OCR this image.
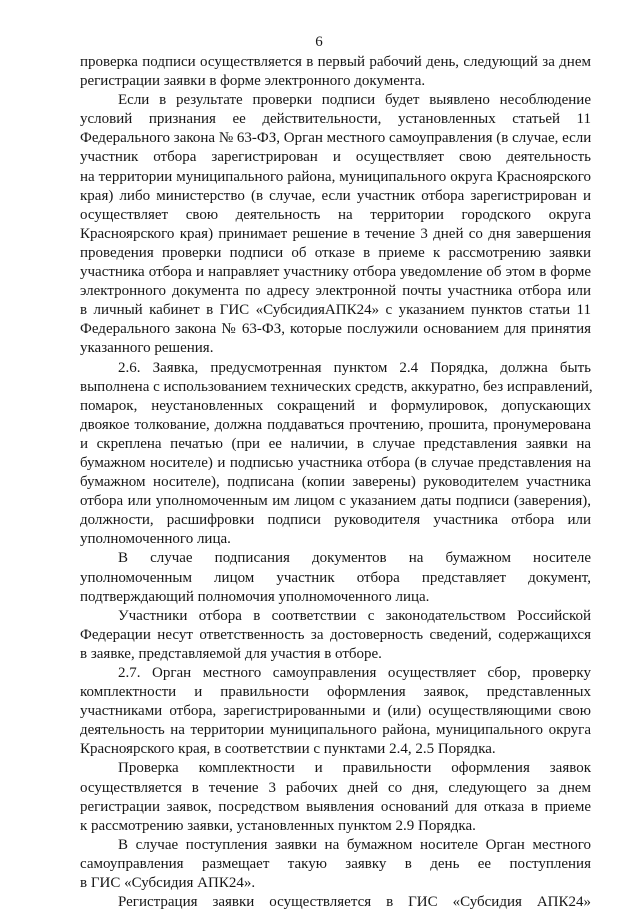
6
проверка подписи осуществляется в первый рабочий день, следующий за днем
регистрации заявки в форме электронного документа.
Если в результате проверки подписи будет выявлено несоблюдение
условий признания ее действительности, установленных статьей 11
Федерального закона № 63-ФЗ, Орган местного самоуправления (в случае, если
участник отбора зарегистрирован и осуществляет свою деятельность
на территории муниципального района, муниципального округа Красноярского
края) либо министерство (в случае, если участник отбора зарегистрирован и
осуществляет свою деятельность на территории городского округа
Красноярского края) принимает решение в течение 3 дней со дня завершения
проведения проверки подписи об отказе в приеме к рассмотрению заявки
участника отбора и направляет участнику отбора уведомление об этом в форме
электронного документа по адресу электронной почты участника отбора или
в личный кабинет в ГИС «СубсидияАПК24» с указанием пунктов статьи 11
Федерального закона № 63-ФЗ, которые послужили основанием для принятия
указанного решения.
2.6. Заявка, предусмотренная пунктом 2.4 Порядка, должна быть
выполнена с использованием технических средств, аккуратно, без исправлений,
помарок, неустановленных сокращений и формулировок, допускающих
двоякое толкование, должна поддаваться прочтению, прошита, пронумерована
и скреплена печатью (при ее наличии, в случае представления заявки на
бумажном носителе) и подписью участника отбора (в случае представления на
бумажном носителе), подписана (копии заверены) руководителем участника
отбора или уполномоченным им лицом с указанием даты подписи (заверения),
должности, расшифровки подписи руководителя участника отбора или
уполномоченного лица.
В случае подписания документов на бумажном носителе
уполномоченным лицом участник отбора представляет документ,
подтверждающий полномочия уполномоченного лица.
Участники отбора в соответствии с законодательством Российской
Федерации несут ответственность за достоверность сведений, содержащихся
в заявке, представляемой для участия в отборе.
2.7. Орган местного самоуправления осуществляет сбор, проверку
комплектности и правильности оформления заявок, представленных
участниками отбора, зарегистрированными и (или) осуществляющими свою
деятельность на территории муниципального района, муниципального округа
Красноярского края, в соответствии с пунктами 2.4, 2.5 Порядка.
Проверка комплектности и правильности оформления заявок
осуществляется в течение 3 рабочих дней со дня, следующего за днем
регистрации заявок, посредством выявления оснований для отказа в приеме
к рассмотрению заявки, установленных пунктом 2.9 Порядка.
В случае поступления заявки на бумажном носителе Орган местного
самоуправления размещает такую заявку в день ее поступления
в ГИС «Субсидия АПК24».
Регистрация заявки осуществляется в ГИС «Субсидия АПК24»
